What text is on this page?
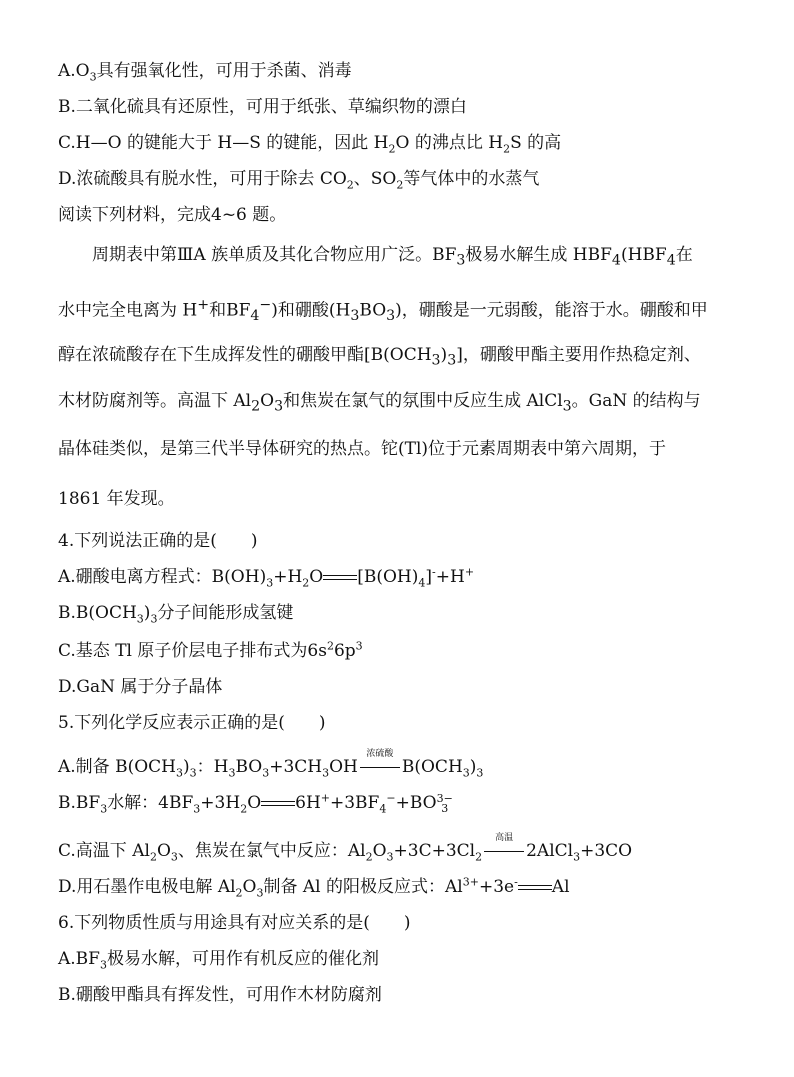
$A.O_3$具有强氧化性，可用于杀菌、消毒
B.二氧化硫具有还原性，可用于纸张、草编织物的漂白
C.H—O 的键能大于 H—S 的键能，因此 $H_2O$ 的沸点比 $H_2S$ 的高
D.浓硫酸具有脱水性，可用于除去 $CO_2$、$SO_2$等气体中的水蒸气
阅读下列材料，完成4~6 题。
周期表中第ⅢA 族单质及其化合物应用广泛。$BF_3$极易水解生成 $HBF_4(HBF_4$在
水中完全电离为 H+和$BF_4^-$)和硼酸$(H_3BO_3)$，硼酸是一元弱酸，能溶于水。硼酸和甲
醇在浓硫酸存在下生成挥发性的硼酸甲酯$[B(OCH_3)_3]$，硼酸甲酯主要用作热稳定剂、
木材防腐剂等。高温下 $Al_2O_3$和焦炭在氯气的氛围中反应生成 AlCl$_3$。GaN 的结构与
晶体硅类似，是第三代半导体研究的热点。铊(Tl)位于元素周期表中第六周期，于
1861 年发现。
4.下列说法正确的是(　　)
A.硼酸电离方程式：$B(OH)_3+H_2O$ $[B(OH)_4]^-+H^+$
$B.B(OCH_3)_3$分子间能形成氢键
C.基态 Tl 原子价层电子排布式为$6s^26p^3$
D.GaN 属于分子晶体
5.下列化学反应表示正确的是(　　)
A.制备 $B(OCH_3)_3$：$H_3BO_3+3CH_3OH$
浓硫酸
$B(OCH_3)_3$
$B.BF_3$水解：$4BF_3+3H_2O$ $6H^++3BF_4^-+BO3-$
3
C.高温下 $Al_2O_3$、焦炭在氯气中反应：$Al_2O_3+3C+3Cl_2$
高温
2AlCl$_3$+3CO
D.用石墨作电极电解 $Al_2O_3$制备 Al 的阳极反应式：$Al^{3+}+3e^-$ Al
6.下列物质性质与用途具有对应关系的是(　　)
$A.BF_3$极易水解，可用作有机反应的催化剂
B.硼酸甲酯具有挥发性，可用作木材防腐剂
